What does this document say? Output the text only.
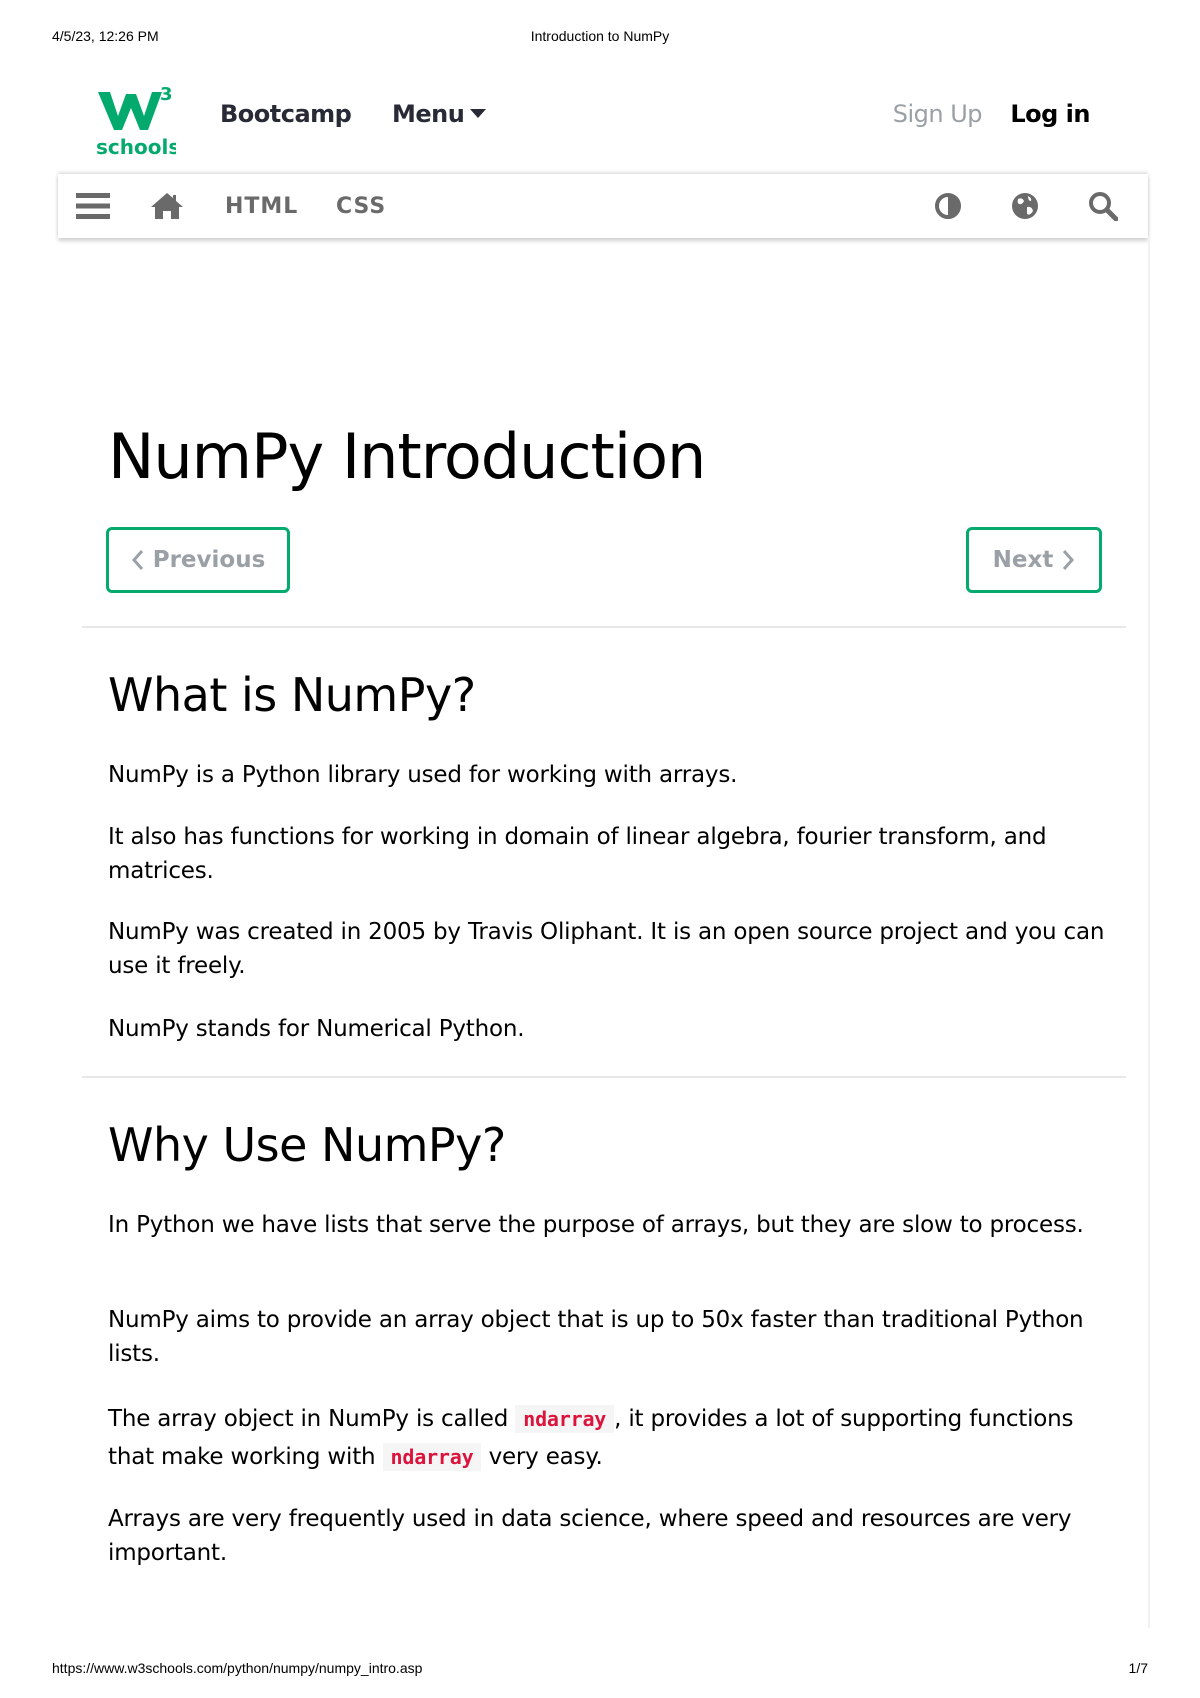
4/5/23, 12:26 PM	Introduction to NumPy
3
schools
Bootcamp Menu	Sign Up Log in
HTML CSS
NumPy Introduction
Previous	Next
What is NumPy?

NumPy is a Python library used for working with arrays.

It also has functions for working in domain of linear algebra, fourier transform, and matrices.

NumPy was created in 2005 by Travis Oliphant. It is an open source project and you can use it freely.

NumPy stands for Numerical Python.

Why Use NumPy?

In Python we have lists that serve the purpose of arrays, but they are slow to process.

NumPy aims to provide an array object that is up to 50x faster than traditional Python lists.

The array object in NumPy is called ndarray , it provides a lot of supporting functions that make working with ndarray very easy.

Arrays are very frequently used in data science, where speed and resources are very important.

https://www.w3schools.com/python/numpy/numpy_intro.asp	1/7
